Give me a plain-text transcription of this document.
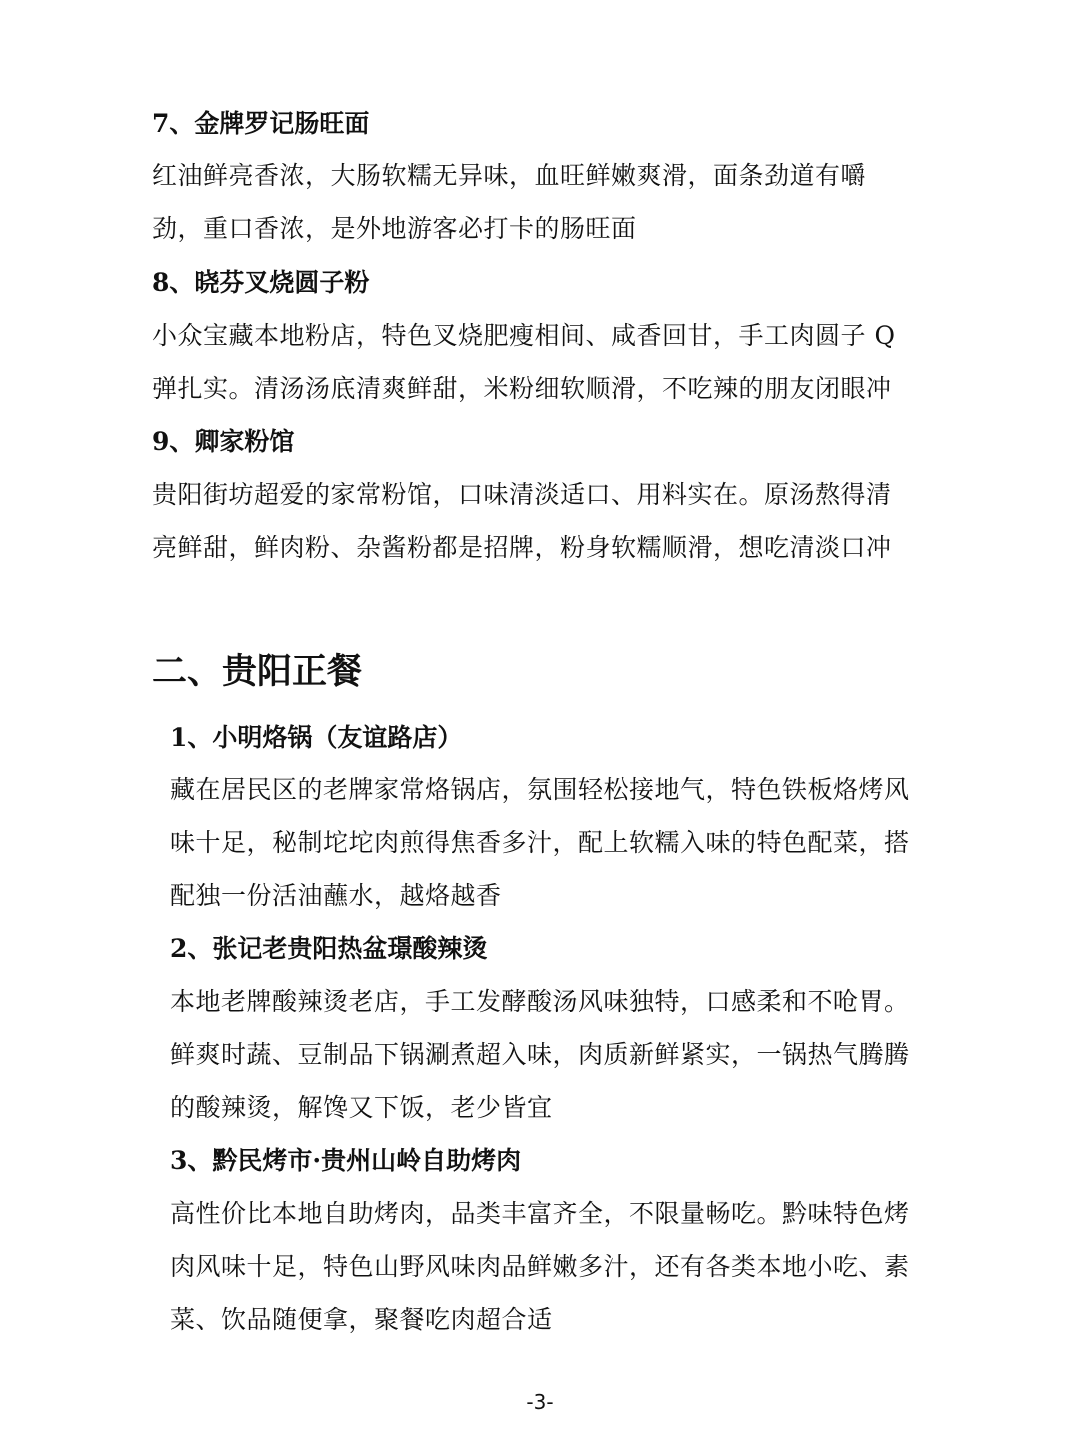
7、金牌罗记肠旺面
红油鲜亮香浓，大肠软糯无异味，血旺鲜嫩爽滑，面条劲道有嚼
劲，重口香浓，是外地游客必打卡的肠旺面
8、晓芬叉烧圆子粉
小众宝藏本地粉店，特色叉烧肥瘦相间、咸香回甘，手工肉圆子 Q
弹扎实。清汤汤底清爽鲜甜，米粉细软顺滑，不吃辣的朋友闭眼冲
9、卿家粉馆
贵阳街坊超爱的家常粉馆，口味清淡适口、用料实在。原汤熬得清
亮鲜甜，鲜肉粉、杂酱粉都是招牌，粉身软糯顺滑，想吃清淡口冲
二、贵阳正餐
1、小明烙锅（友谊路店）
藏在居民区的老牌家常烙锅店，氛围轻松接地气，特色铁板烙烤风
味十足，秘制坨坨肉煎得焦香多汁，配上软糯入味的特色配菜，搭
配独一份活油蘸水，越烙越香
2、张记老贵阳热盆璟酸辣烫
本地老牌酸辣烫老店，手工发酵酸汤风味独特，口感柔和不呛胃。
鲜爽时蔬、豆制品下锅涮煮超入味，肉质新鲜紧实，一锅热气腾腾
的酸辣烫，解馋又下饭，老少皆宜
3、黔民烤市·贵州山岭自助烤肉
高性价比本地自助烤肉，品类丰富齐全，不限量畅吃。黔味特色烤
肉风味十足，特色山野风味肉品鲜嫩多汁，还有各类本地小吃、素
菜、饮品随便拿，聚餐吃肉超合适
-3-
